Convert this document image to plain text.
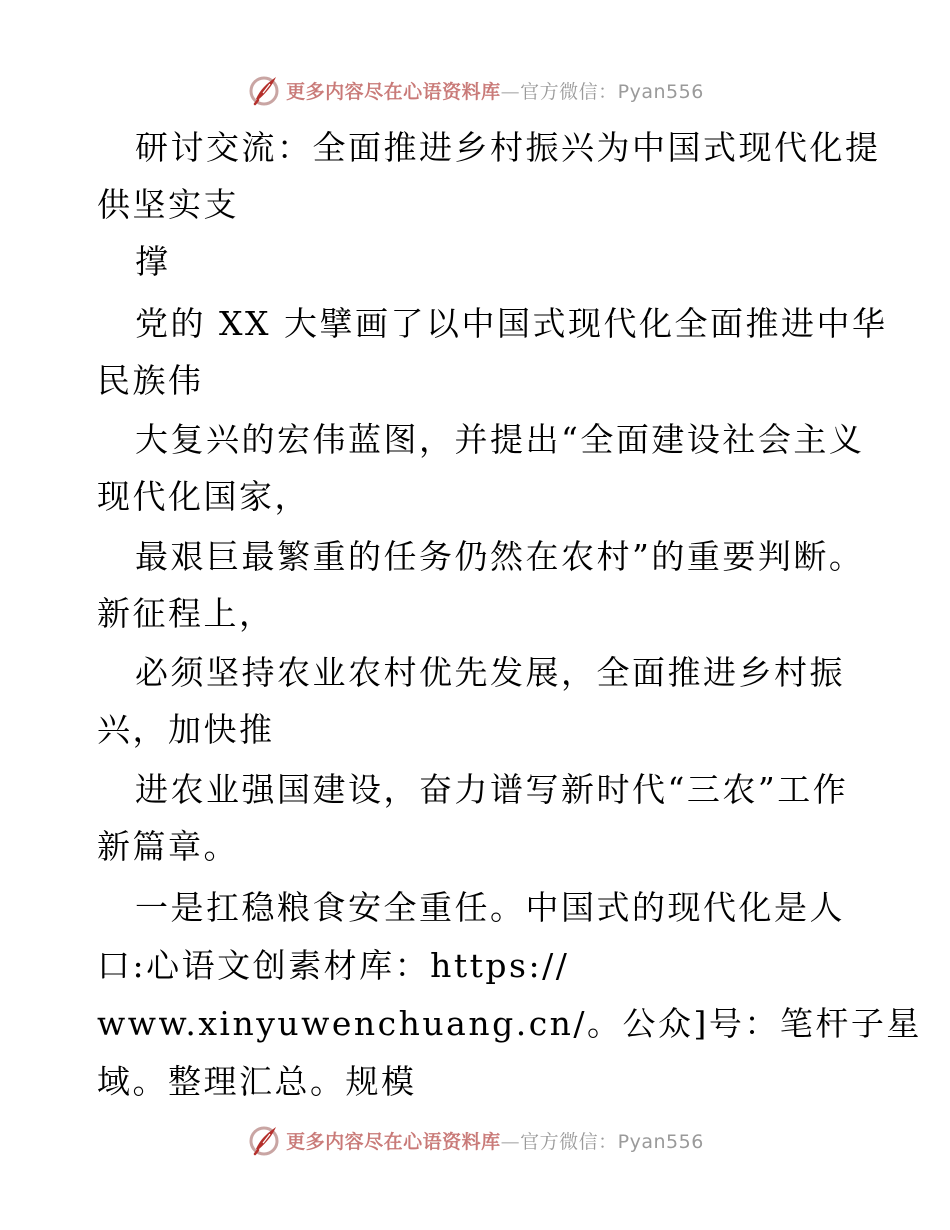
更多内容尽在心语资料库—官方微信：Pyan556
研讨交流：全面推进乡村振兴为中国式现代化提
供坚实支
撑
党的 XX 大擘画了以中国式现代化全面推进中华
民族伟
大复兴的宏伟蓝图，并提出“全面建设社会主义
现代化国家，
最艰巨最繁重的任务仍然在农村”的重要判断。
新征程上，
必须坚持农业农村优先发展，全面推进乡村振
兴，加快推
进农业强国建设，奋力谱写新时代“三农”工作
新篇章。
一是扛稳粮食安全重任。中国式的现代化是人
口:心语文创素材库：https://
www.xinyuwenchuang.cn/。公众]号：笔杆子星
域。整理汇总。规模
更多内容尽在心语资料库—官方微信：Pyan556
